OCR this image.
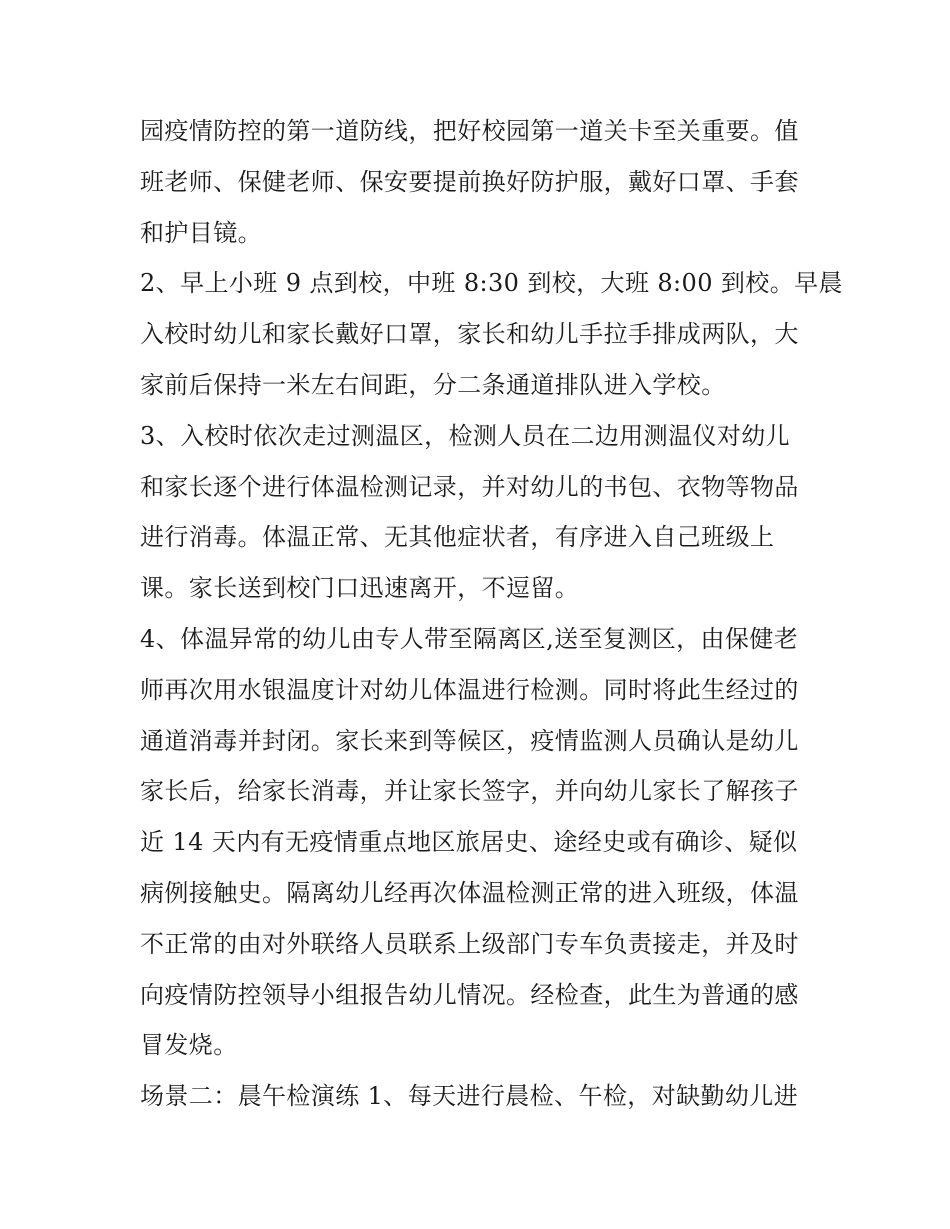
园疫情防控的第一道防线，把好校园第一道关卡至关重要。值
班老师、保健老师、保安要提前换好防护服，戴好口罩、手套
和护目镜。
2、早上小班 9 点到校，中班 8:30 到校，大班 8:00 到校。早晨
入校时幼儿和家长戴好口罩，家长和幼儿手拉手排成两队，大
家前后保持一米左右间距，分二条通道排队进入学校。
3、入校时依次走过测温区，检测人员在二边用测温仪对幼儿
和家长逐个进行体温检测记录，并对幼儿的书包、衣物等物品
进行消毒。体温正常、无其他症状者，有序进入自己班级上
课。家长送到校门口迅速离开，不逗留。
4、体温异常的幼儿由专人带至隔离区,送至复测区，由保健老
师再次用水银温度计对幼儿体温进行检测。同时将此生经过的
通道消毒并封闭。家长来到等候区，疫情监测人员确认是幼儿
家长后，给家长消毒，并让家长签字，并向幼儿家长了解孩子
近 14 天内有无疫情重点地区旅居史、途经史或有确诊、疑似
病例接触史。隔离幼儿经再次体温检测正常的进入班级，体温
不正常的由对外联络人员联系上级部门专车负责接走，并及时
向疫情防控领导小组报告幼儿情况。经检查，此生为普通的感
冒发烧。
场景二：晨午检演练 1、每天进行晨检、午检，对缺勤幼儿进
